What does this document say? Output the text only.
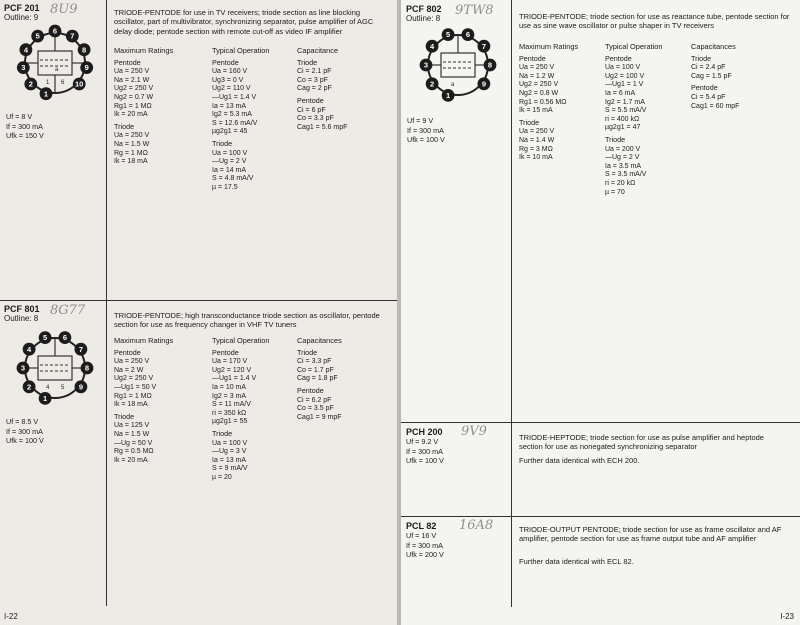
PCF 201
Outline: 9
8U9
1
2
3
4
5
6
7
8
9
10
1 6
a
Uf = 8 V
If = 300 mA
Ufk = 150 V
TRIODE-PENTODE for use in TV receivers; triode section as line blocking oscillator, part of multivibrator, synchronizing separator, pulse amplifier of AGC delay diode; pentode section with remote cut-off as video IF amplifier
Maximum Ratings
Pentode
Ua = 250 V
Na = 2.1 W
Ug2 = 250 V
Ng2 = 0.7 W
Rg1 = 1 MΩ
Ik = 20 mA
Triode
Ua = 250 V
Na = 1.5 W
Rg = 1 MΩ
Ik = 18 mA
Typical Operation
Pentode
Ua = 160 V
Ug3 = 0 V
Ug2 = 110 V
—Ug1 = 1.4 V
Ia = 13 mA
Ig2 = 5.3 mA
S = 12.6 mA/V
µg2g1 = 45
Triode
Ua = 100 V
—Ug = 2 V
Ia = 14 mA
S = 4.8 mA/V
µ = 17.5
Capacitance
Triode
Ci = 2.1 pF
Co = 3 pF
Cag = 2 pF
Pentode
Ci = 6 pF
Co = 3.3 pF
Cag1 = 5.6 mpF
PCF 801
Outline: 8
8G77
1
2
3
4
5 6
7
8
9
4 5
Uf = 8.5 V
If = 300 mA
Ufk = 100 V
TRIODE-PENTODE; high transconductance triode section as oscillator, pentode section for use as frequency changer in VHF TV tuners
Maximum Ratings
Pentode
Ua = 250 V
Na = 2 W
Ug2 = 250 V
—Ug1 = 50 V
Rg1 = 1 MΩ
Ik = 18 mA
Triode
Ua = 125 V
Na = 1.5 W
—Ug = 50 V
Rg = 0.5 MΩ
Ik = 20 mA
Typical Operation
Pentode
Ua = 170 V
Ug2 = 120 V
—Ug1 = 1.4 V
Ia = 10 mA
Ig2 = 3 mA
S = 11 mA/V
ri = 350 kΩ
µg2g1 = 55
Triode
Ua = 100 V
—Ug = 3 V
Ia = 13 mA
S = 9 mA/V
µ = 20
Capacitances
Triode
Ci = 3.3 pF
Co = 1.7 pF
Cag = 1.8 pF
Pentode
Ci = 6.2 pF
Co = 3.5 pF
Cag1 = 9 mpF
I-22
PCF 802
Outline: 8
9TW8
1
2
3
4
5 6
7
8
9
a
Uf = 9 V
If = 300 mA
Ufk = 100 V
TRIODE-PENTODE; triode section for use as reactance tube, pentode section for use as sine wave oscillator or pulse shaper in TV receivers
Maximum Ratings
Pentode
Ua = 250 V
Na = 1.2 W
Ug2 = 250 V
Ng2 = 0.8 W
Rg1 = 0.56 MΩ
Ik = 15 mA
Triode
Ua = 250 V
Na = 1.4 W
Rg = 3 MΩ
Ik = 10 mA
Typical Operation
Pentode
Ua = 100 V
Ug2 = 100 V
—Ug1 = 1 V
Ia = 6 mA
Ig2 = 1.7 mA
S = 5.5 mA/V
ri = 400 kΩ
µg2g1 = 47
Triode
Ua = 200 V
—Ug = 2 V
Ia = 3.5 mA
S = 3.5 mA/V
ri = 20 kΩ
µ = 70
Capacitances
Triode
Ci = 2.4 pF
Cag = 1.5 pF
Pentode
Ci = 5.4 pF
Cag1 = 60 mpF
PCH 200 9V9
Uf = 9.2 V
If = 300 mA
Ufk = 100 V
TRIODE-HEPTODE; triode section for use as pulse amplifier and heptode section for use as nonegated synchronizing separator
Further data identical with ECH 200.
PCL 82 16A8
Uf = 16 V
If = 300 mA
Ufk = 200 V
TRIODE-OUTPUT PENTODE; triode section for use as frame oscillator and AF amplifier, pentode section for use as frame output tube and AF amplifier
Further data identical with ECL 82.
I-23
